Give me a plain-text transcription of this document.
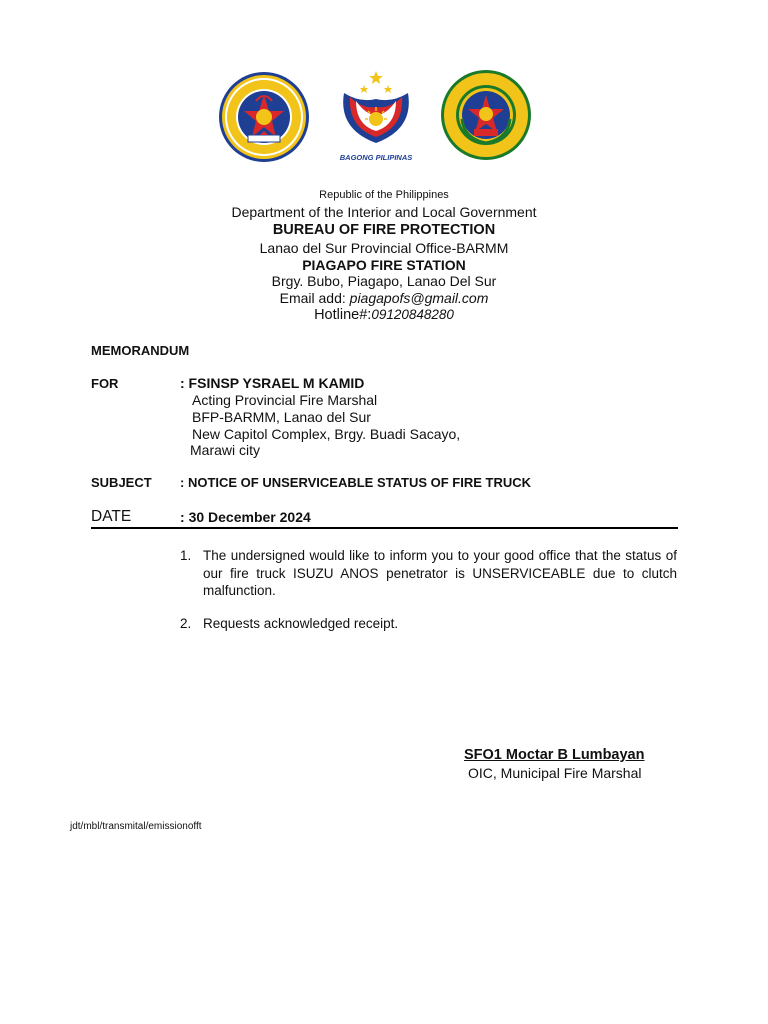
BAGONG PILIPINAS
Republic of the Philippines
Department of the Interior and Local Government
BUREAU OF FIRE PROTECTION
Lanao del Sur Provincial Office-BARMM
PIAGAPO FIRE STATION
Brgy. Bubo, Piagapo, Lanao Del Sur
Email add: piagapofs@gmail.com
Hotline#:09120848280
MEMORANDUM
FOR	: FSINSP YSRAEL M KAMID
Acting Provincial Fire Marshal
BFP-BARMM, Lanao del Sur
New Capitol Complex, Brgy. Buadi Sacayo,
Marawi city
SUBJECT : NOTICE OF UNSERVICEABLE STATUS OF FIRE TRUCK
DATE	: 30 December 2024
1. The undersigned would like to inform you to your good office that the status of our fire truck ISUZU ANOS penetrator is UNSERVICEABLE due to clutch malfunction.
2. Requests acknowledged receipt.
SFO1 Moctar B Lumbayan
OIC, Municipal Fire Marshal
jdt/mbl/transmital/emissionofft
